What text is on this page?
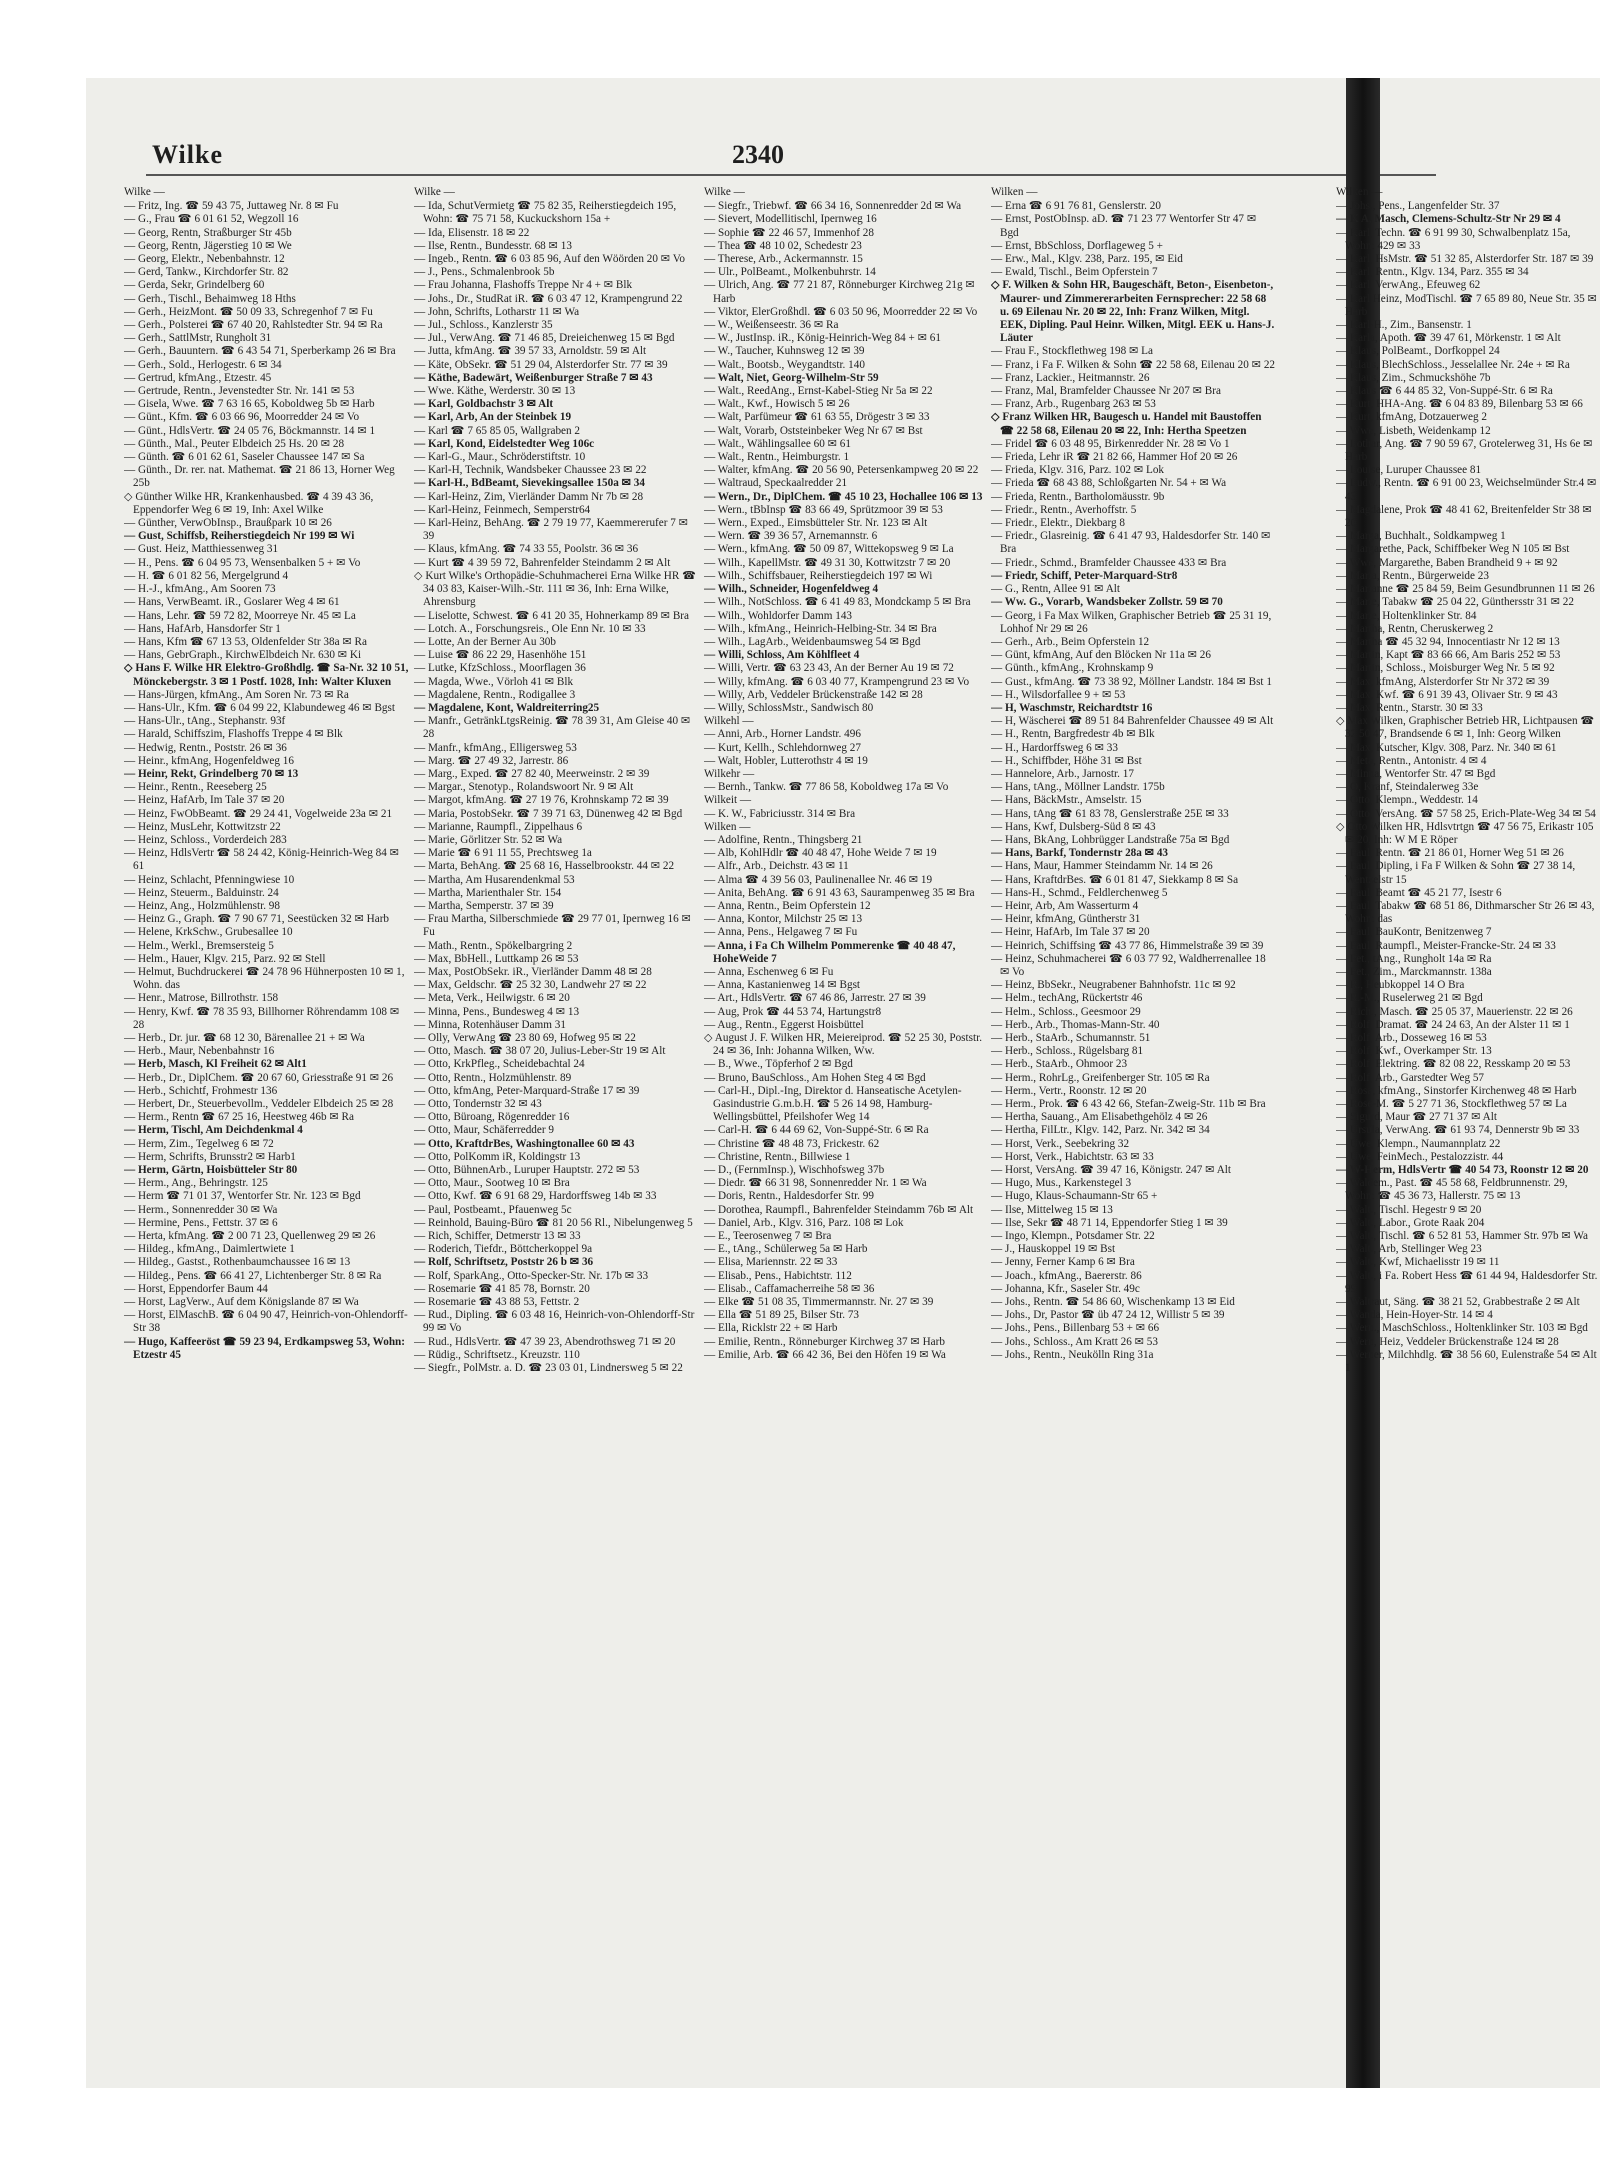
Wilke	2340
Wilke —

— Fritz, Ing. ☎ 59 43 75, Juttaweg Nr. 8 ✉ Fu

— G., Frau ☎ 6 01 61 52, Wegzoll 16

— Georg, Rentn, Straßburger Str 45b

— Georg, Rentn, Jägerstieg 10 ✉ We

— Georg, Elektr., Nebenbahnstr. 12

— Gerd, Tankw., Kirchdorfer Str. 82

— Gerda, Sekr, Grindelberg 60

— Gerh., Tischl., Behaimweg 18 Hths

— Gerh., HeizMont. ☎ 50 09 33, Schregenhof 7 ✉ Fu

— Gerh., Polsterei ☎ 67 40 20, Rahlstedter Str. 94 ✉ Ra

— Gerh., SattlMstr, Rungholt 31

— Gerh., Bauuntern. ☎ 6 43 54 71, Sperberkamp 26 ✉ Bra

— Gerh., Sold., Herlogestr. 6 ✉ 34

— Gertrud, kfmAng., Etzestr. 45

— Gertrude, Rentn., Jevenstedter Str. Nr. 141 ✉ 53

— Gisela, Wwe. ☎ 7 63 16 65, Koboldweg 5b ✉ Harb

— Günt., Kfm. ☎ 6 03 66 96, Moorredder 24 ✉ Vo

— Günt., HdlsVertr. ☎ 24 05 76, Böckmannstr. 14 ✉ 1

— Günth., Mal., Peuter Elbdeich 25 Hs. 20 ✉ 28

— Günth. ☎ 6 01 62 61, Saseler Chaussee 147 ✉ Sa

— Günth., Dr. rer. nat. Mathemat. ☎ 21 86 13, Horner Weg 25b

◇ Günther Wilke HR, Krankenhausbed. ☎ 4 39 43 36, Eppendorfer Weg 6 ✉ 19, Inh: Axel Wilke

— Günther, VerwObInsp., Braußpark 10 ✉ 26

— Gust, Schiffsb, Reiherstiegdeich Nr 199 ✉ Wi

— Gust. Heiz, Matthiessenweg 31

— H., Pens. ☎ 6 04 95 73, Wensenbalken 5 + ✉ Vo

— H. ☎ 6 01 82 56, Mergelgrund 4

— H.-J., kfmAng., Am Sooren 73

— Hans, VerwBeamt. iR., Goslarer Weg 4 ✉ 61

— Hans, Lehr. ☎ 59 72 82, Moorreye Nr. 45 ✉ La

— Hans, HafArb, Hansdorfer Str 1

— Hans, Kfm ☎ 67 13 53, Oldenfelder Str 38a ✉ Ra

— Hans, GebrGraph., KirchwElbdeich Nr. 630 ✉ Ki

◇ Hans F. Wilke HR Elektro-Großhdlg. ☎ Sa-Nr. 32 10 51, Mönckebergstr. 3 ✉ 1 Postf. 1028, Inh: Walter Kluxen

— Hans-Jürgen, kfmAng., Am Soren Nr. 73 ✉ Ra

— Hans-Ulr., Kfm. ☎ 6 04 99 22, Klabundeweg 46 ✉ Bgst

— Hans-Ulr., tAng., Stephanstr. 93f

— Harald, Schiffszim, Flashoffs Treppe 4 ✉ Blk

— Hedwig, Rentn., Poststr. 26 ✉ 36

— Heinr., kfmAng, Hogenfeldweg 16

— Heinr, Rekt, Grindelberg 70 ✉ 13

— Heinr., Rentn., Reeseberg 25

— Heinz, HafArb, Im Tale 37 ✉ 20

— Heinz, FwObBeamt. ☎ 29 24 41, Vogelweide 23a ✉ 21

— Heinz, MusLehr, Kottwitzstr 22

— Heinz, Schloss., Vorderdeich 283

— Heinz, HdlsVertr ☎ 58 24 42, König-Heinrich-Weg 84 ✉ 61

— Heinz, Schlacht, Pfenningwiese 10

— Heinz, Steuerm., Balduinstr. 24

— Heinz, Ang., Holzmühlenstr. 98

— Heinz G., Graph. ☎ 7 90 67 71, Seestücken 32 ✉ Harb

— Helene, KrkSchw., Grubesallee 10

— Helm., Werkl., Bremsersteig 5

— Helm., Hauer, Klgv. 215, Parz. 92 ✉ Stell

— Helmut, Buchdruckerei ☎ 24 78 96 Hühnerposten 10 ✉ 1, Wohn. das

— Henr., Matrose, Billrothstr. 158

— Henry, Kwf. ☎ 78 35 93, Billhorner Röhrendamm 108 ✉ 28

— Herb., Dr. jur. ☎ 68 12 30, Bärenallee 21 + ✉ Wa

— Herb., Maur, Nebenbahnstr 16

— Herb, Masch, Kl Freiheit 62 ✉ Alt1

— Herb., Dr., DiplChem. ☎ 20 67 60, Griesstraße 91 ✉ 26

— Herb., Schichtf, Frohmestr 136

— Herbert, Dr., Steuerbevollm., Veddeler Elbdeich 25 ✉ 28

— Herm., Rentn ☎ 67 25 16, Heestweg 46b ✉ Ra

— Herm, Tischl, Am Deichdenkmal 4

— Herm, Zim., Tegelweg 6 ✉ 72

— Herm, Schrifts, Brunsstr2 ✉ Harb1

— Herm, Gärtn, Hoisbütteler Str 80

— Herm., Ang., Behringstr. 125

— Herm ☎ 71 01 37, Wentorfer Str. Nr. 123 ✉ Bgd

— Herm., Sonnenredder 30 ✉ Wa

— Hermine, Pens., Fettstr. 37 ✉ 6

— Herta, kfmAng. ☎ 2 00 71 23, Quellenweg 29 ✉ 26

— Hildeg., kfmAng., Daimlertwiete 1

— Hildeg., Gastst., Rothenbaumchaussee 16 ✉ 13

— Hildeg., Pens. ☎ 66 41 27, Lichtenberger Str. 8 ✉ Ra

— Horst, Eppendorfer Baum 44

— Horst, LagVerw., Auf dem Königslande 87 ✉ Wa

— Horst, ElMaschB. ☎ 6 04 90 47, Heinrich-von-Ohlendorff-Str 38

— Hugo, Kaffeeröst ☎ 59 23 94, Erdkampsweg 53, Wohn: Etzestr 45

Wilke —

— Ida, SchutVermietg ☎ 75 82 35, Reiherstiegdeich 195, Wohn: ☎ 75 71 58, Kuckuckshorn 15a +

— Ida, Elisenstr. 18 ✉ 22

— Ilse, Rentn., Bundesstr. 68 ✉ 13

— Ingeb., Rentn. ☎ 6 03 85 96, Auf den Wöörden 20 ✉ Vo

— J., Pens., Schmalenbrook 5b

— Frau Johanna, Flashoffs Treppe Nr 4 + ✉ Blk

— Johs., Dr., StudRat iR. ☎ 6 03 47 12, Krampengrund 22

— John, Schrifts, Lotharstr 11 ✉ Wa

— Jul., Schloss., Kanzlerstr 35

— Jul., VerwAng. ☎ 71 46 85, Dreieichenweg 15 ✉ Bgd

— Jutta, kfmAng. ☎ 39 57 33, Arnoldstr. 59 ✉ Alt

— Käte, ObSekr. ☎ 51 29 04, Alsterdorfer Str. 77 ✉ 39

— Käthe, Badewärt, Weißenburger Straße 7 ✉ 43

— Wwe. Käthe, Werderstr. 30 ✉ 13

— Karl, Goldbachstr 3 ✉ Alt

— Karl, Arb, An der Steinbek 19

— Karl ☎ 7 65 85 05, Wallgraben 2

— Karl, Kond, Eidelstedter Weg 106c

— Karl-G., Maur., Schröderstiftstr. 10

— Karl-H, Technik, Wandsbeker Chaussee 23 ✉ 22

— Karl-H., BdBeamt, Sievekingsallee 150a ✉ 34

— Karl-Heinz, Zim, Vierländer Damm Nr 7b ✉ 28

— Karl-Heinz, Feinmech, Semperstr64

— Karl-Heinz, BehAng. ☎ 2 79 19 77, Kaemmererufer 7 ✉ 39

— Klaus, kfmAng. ☎ 74 33 55, Poolstr. 36 ✉ 36

— Kurt ☎ 4 39 59 72, Bahrenfelder Steindamm 2 ✉ Alt

◇ Kurt Wilke's Orthopädie-Schuhmacherei Erna Wilke HR ☎ 34 03 83, Kaiser-Wilh.-Str. 111 ✉ 36, Inh: Erna Wilke, Ahrensburg

— Liselotte, Schwest. ☎ 6 41 20 35, Hohnerkamp 89 ✉ Bra

— Lotch. A., Forschungsreis., Ole Enn Nr. 10 ✉ 33

— Lotte, An der Berner Au 30b

— Luise ☎ 86 22 29, Hasenhöhe 151

— Lutke, KfzSchloss., Moorflagen 36

— Magda, Wwe., Vörloh 41 ✉ Blk

— Magdalene, Rentn., Rodigallee 3

— Magdalene, Kont, Waldreiterring25

— Manfr., GetränkLtgsReinig. ☎ 78 39 31, Am Gleise 40 ✉ 28

— Manfr., kfmAng., Elligersweg 53

— Marg. ☎ 27 49 32, Jarrestr. 86

— Marg., Exped. ☎ 27 82 40, Meerweinstr. 2 ✉ 39

— Margar., Stenotyp., Rolandswoort Nr. 9 ✉ Alt

— Margot, kfmAng. ☎ 27 19 76, Krohnskamp 72 ✉ 39

— Maria, PostobSekr. ☎ 7 39 71 63, Dünenweg 42 ✉ Bgd

— Marianne, Raumpfl., Zippelhaus 6

— Marie, Görlitzer Str. 52 ✉ Wa

— Marie ☎ 6 91 11 55, Prechtsweg 1a

— Marta, BehAng. ☎ 25 68 16, Hasselbrookstr. 44 ✉ 22

— Martha, Am Husarendenkmal 53

— Martha, Marienthaler Str. 154

— Martha, Semperstr. 37 ✉ 39

— Frau Martha, Silberschmiede ☎ 29 77 01, Ipernweg 16 ✉ Fu

— Math., Rentn., Spökelbargring 2

— Max, BbHell., Luttkamp 26 ✉ 53

— Max, PostObSekr. iR., Vierländer Damm 48 ✉ 28

— Max, Geldschr. ☎ 25 32 30, Landwehr 27 ✉ 22

— Meta, Verk., Heilwigstr. 6 ✉ 20

— Minna, Pens., Bundesweg 4 ✉ 13

— Minna, Rotenhäuser Damm 31

— Olly, VerwAng ☎ 23 80 69, Hofweg 95 ✉ 22

— Otto, Masch. ☎ 38 07 20, Julius-Leber-Str 19 ✉ Alt

— Otto, KrkPfleg., Scheidebachtal 24

— Otto, Rentn., Holzmühlenstr. 89

— Otto, kfmAng, Peter-Marquard-Straße 17 ✉ 39

— Otto, Tondernstr 32 ✉ 43

— Otto, Büroang, Rögenredder 16

— Otto, Maur, Schäferredder 9

— Otto, KraftdrBes, Washingtonallee 60 ✉ 43

— Otto, PolKomm iR, Koldingstr 13

— Otto, BühnenArb., Luruper Hauptstr. 272 ✉ 53

— Otto, Maur., Sootweg 10 ✉ Bra

— Otto, Kwf. ☎ 6 91 68 29, Hardorffsweg 14b ✉ 33

— Paul, Postbeamt., Pfauenweg 5c

— Reinhold, Bauing-Büro ☎ 81 20 56 Rl., Nibelungenweg 5

— Rich, Schiffer, Detmerstr 13 ✉ 33

— Roderich, Tiefdr., Böttcherkoppel 9a

— Rolf, Schriftsetz, Poststr 26 b ✉ 36

— Rolf, SparkAng., Otto-Specker-Str. Nr. 17b ✉ 33

— Rosemarie ☎ 41 85 78, Bornstr. 20

— Rosemarie ☎ 43 88 53, Fettstr. 2

— Rud., Dipling. ☎ 6 03 48 16, Heinrich-von-Ohlendorff-Str 99 ✉ Vo

— Rud., HdlsVertr. ☎ 47 39 23, Abendrothsweg 71 ✉ 20

— Rüdig., Schriftsetz., Kreuzstr. 110

— Siegfr., PolMstr. a. D. ☎ 23 03 01, Lindnersweg 5 ✉ 22

Wilke —

— Siegfr., Triebwf. ☎ 66 34 16, Sonnenredder 2d ✉ Wa

— Sievert, Modellitischl, Ipernweg 16

— Sophie ☎ 22 46 57, Immenhof 28

— Thea ☎ 48 10 02, Schedestr 23

— Therese, Arb., Ackermannstr. 15

— Ulr., PolBeamt., Molkenbuhrstr. 14

— Ulrich, Ang. ☎ 77 21 87, Rönneburger Kirchweg 21g ✉ Harb

— Viktor, ElerGroßhdl. ☎ 6 03 50 96, Moorredder 22 ✉ Vo

— W., Weißenseestr. 36 ✉ Ra

— W., JustInsp. iR., König-Heinrich-Weg 84 + ✉ 61

— W., Taucher, Kuhnsweg 12 ✉ 39

— Walt., Bootsb., Weygandtstr. 140

— Walt, Niet, Georg-Wilhelm-Str 59

— Walt., ReedAng., Ernst-Kabel-Stieg Nr 5a ✉ 22

— Walt., Kwf., Howisch 5 ✉ 26

— Walt, Parfümeur ☎ 61 63 55, Drögestr 3 ✉ 33

— Walt, Vorarb, Oststeinbeker Weg Nr 67 ✉ Bst

— Walt., Wählingsallee 60 ✉ 61

— Walt., Rentn., Heimburgstr. 1

— Walter, kfmAng. ☎ 20 56 90, Petersenkampweg 20 ✉ 22

— Waltraud, Speckaalredder 21

— Wern., Dr., DiplChem. ☎ 45 10 23, Hochallee 106 ✉ 13

— Wern., tBbInsp ☎ 83 66 49, Sprützmoor 39 ✉ 53

— Wern., Exped., Eimsbütteler Str. Nr. 123 ✉ Alt

— Wern. ☎ 39 36 57, Arnemannstr. 6

— Wern., kfmAng. ☎ 50 09 87, Wittekopsweg 9 ✉ La

— Wilh., KapellMstr. ☎ 49 31 30, Kottwitzstr 7 ✉ 20

— Wilh., Schiffsbauer, Reiherstiegdeich 197 ✉ Wi

— Wilh., Schneider, Hogenfeldweg 4

— Wilh., NotSchloss. ☎ 6 41 49 83, Mondckamp 5 ✉ Bra

— Wilh., Wohldorfer Damm 143

— Wilh., kfmAng., Heinrich-Helbing-Str. 34 ✉ Bra

— Wilh., LagArb., Weidenbaumsweg 54 ✉ Bgd

— Willi, Schloss, Am Köhlfleet 4

— Willi, Vertr. ☎ 63 23 43, An der Berner Au 19 ✉ 72

— Willy, kfmAng. ☎ 6 03 40 77, Krampengrund 23 ✉ Vo

— Willy, Arb, Veddeler Brückenstraße 142 ✉ 28

— Willy, SchlossMstr., Sandwisch 80

Wilkehl —

— Anni, Arb., Horner Landstr. 496

— Kurt, Kellh., Schlehdornweg 27

— Walt, Hobler, Lutterothstr 4 ✉ 19

Wilkehr —

— Bernh., Tankw. ☎ 77 86 58, Koboldweg 17a ✉ Vo

Wilkeit —

— K. W., Fabriciusstr. 314 ✉ Bra

Wilken —

— Adolfine, Rentn., Thingsberg 21

— Alb, KohlHdlr ☎ 40 48 47, Hohe Weide 7 ✉ 19

— Alfr., Arb., Deichstr. 43 ✉ 11

— Alma ☎ 4 39 56 03, Paulinenallee Nr. 46 ✉ 19

— Anita, BehAng. ☎ 6 91 43 63, Saurampenweg 35 ✉ Bra

— Anna, Rentn., Beim Opferstein 12

— Anna, Kontor, Milchstr 25 ✉ 13

— Anna, Pens., Helgaweg 7 ✉ Fu

— Anna, i Fa Ch Wilhelm Pommerenke ☎ 40 48 47, HoheWeide 7

— Anna, Eschenweg 6 ✉ Fu

— Anna, Kastanienweg 14 ✉ Bgst

— Art., HdlsVertr. ☎ 67 46 86, Jarrestr. 27 ✉ 39

— Aug, Prok ☎ 44 53 74, Hartungstr8

— Aug., Rentn., Eggerst Hoisbüttel

◇ August J. F. Wilken HR, Meiereiprod. ☎ 52 25 30, Poststr. 24 ✉ 36, Inh: Johanna Wilken, Ww.

— B., Wwe., Töpferhof 2 ✉ Bgd

— Bruno, BauSchloss., Am Hohen Steg 4 ✉ Bgd

— Carl-H., Dipl.-Ing, Direktor d. Hanseatische Acetylen-Gasindustrie G.m.b.H. ☎ 5 26 14 98, Hamburg-Wellingsbüttel, Pfeilshofer Weg 14

— Carl-H. ☎ 6 44 69 62, Von-Suppé-Str. 6 ✉ Ra

— Christine ☎ 48 48 73, Frickestr. 62

— Christine, Rentn., Billwiese 1

— D., (FernmInsp.), Wischhofsweg 37b

— Diedr. ☎ 66 31 98, Sonnenredder Nr. 1 ✉ Wa

— Doris, Rentn., Haldesdorfer Str. 99

— Dorothea, Raumpfl., Bahrenfelder Steindamm 76b ✉ Alt

— Daniel, Arb., Klgv. 316, Parz. 108 ✉ Lok

— E., Teerosenweg 7 ✉ Bra

— E., tAng., Schülerweg 5a ✉ Harb

— Elisa, Mariennstr. 22 ✉ 33

— Elisab., Pens., Habichtstr. 112

— Elisab., Caffamacherreihe 58 ✉ 36

— Elke ☎ 51 08 35, Timmermannstr. Nr. 27 ✉ 39

— Ella ☎ 51 89 25, Bilser Str. 73

— Ella, Ricklstr 22 + ✉ Harb

— Emilie, Rentn., Rönneburger Kirchweg 37 ✉ Harb

— Emilie, Arb. ☎ 66 42 36, Bei den Höfen 19 ✉ Wa

Wilken —

— Erna ☎ 6 91 76 81, Genslerstr. 20

— Ernst, PostObInsp. aD. ☎ 71 23 77 Wentorfer Str 47 ✉ Bgd

— Ernst, BbSchloss, Dorflageweg 5 +

— Erw., Mal., Klgv. 238, Parz. 195, ✉ Eid

— Ewald, Tischl., Beim Opferstein 7

◇ F. Wilken & Sohn HR, Baugeschäft, Beton-, Eisenbeton-, Maurer- und Zimmererarbeiten Fernsprecher: 22 58 68 u. 69 Eilenau Nr. 20 ✉ 22, Inh: Franz Wilken, Mitgl. EEK, Dipling. Paul Heinr. Wilken, Mitgl. EEK u. Hans-J. Läuter

— Frau F., Stockflethweg 198 ✉ La

— Franz, i Fa F. Wilken & Sohn ☎ 22 58 68, Eilenau 20 ✉ 22

— Franz, Lackier., Heitmannstr. 26

— Franz, Mal, Bramfelder Chaussee Nr 207 ✉ Bra

— Franz, Arb., Rugenbarg 263 ✉ 53

◇ Franz Wilken HR, Baugesch u. Handel mit Baustoffen ☎ 22 58 68, Eilenau 20 ✉ 22, Inh: Hertha Speetzen

— Fridel ☎ 6 03 48 95, Birkenredder Nr. 28 ✉ Vo 1

— Frieda, Lehr iR ☎ 21 82 66, Hammer Hof 20 ✉ 26

— Frieda, Klgv. 316, Parz. 102 ✉ Lok

— Frieda ☎ 68 43 88, Schloßgarten Nr. 54 + ✉ Wa

— Frieda, Rentn., Bartholomäusstr. 9b

— Friedr., Rentn., Averhoffstr. 5

— Friedr., Elektr., Diekbarg 8

— Friedr., Glasreinig. ☎ 6 41 47 93, Haldesdorfer Str. 140 ✉ Bra

— Friedr., Schmd., Bramfelder Chaussee 433 ✉ Bra

— Friedr, Schiff, Peter-Marquard-Str8

— G., Rentn, Allee 91 ✉ Alt

— Ww. G., Vorarb, Wandsbeker Zollstr. 59 ✉ 70

— Georg, i Fa Max Wilken, Graphischer Betrieb ☎ 25 31 19, Lohhof Nr 29 ✉ 26

— Gerh., Arb., Beim Opferstein 12

— Günt, kfmAng, Auf den Blöcken Nr 11a ✉ 26

— Günth., kfmAng., Krohnskamp 9

— Gust., kfmAng. ☎ 73 38 92, Möllner Landstr. 184 ✉ Bst 1

— H., Wilsdorfallee 9 + ✉ 53

— H, Waschmstr, Reichardtstr 16

— H, Wäscherei ☎ 89 51 84 Bahrenfelder Chaussee 49 ✉ Alt

— H., Rentn, Bargfredestr 4b ✉ Blk

— H., Hardorffsweg 6 ✉ 33

— H., Schiffbder, Höhe 31 ✉ Bst

— Hannelore, Arb., Jarnostr. 17

— Hans, tAng., Möllner Landstr. 175b

— Hans, BäckMstr., Amselstr. 15

— Hans, tAng ☎ 61 83 78, Genslerstraße 25E ✉ 33

— Hans, Kwf, Dulsberg-Süd 8 ✉ 43

— Hans, BkAng, Lohbrügger Landstraße 75a ✉ Bgd

— Hans, Barkf, Tondernstr 28a ✉ 43

— Hans, Maur, Hammer Steindamm Nr. 14 ✉ 26

— Hans, KraftdrBes. ☎ 6 01 81 47, Siekkamp 8 ✉ Sa

— Hans-H., Schmd., Feldlerchenweg 5

— Heinr, Arb, Am Wasserturm 4

— Heinr, kfmAng, Güntherstr 31

— Heinr, HafArb, Im Tale 37 ✉ 20

— Heinrich, Schiffsing ☎ 43 77 86, Himmelstraße 39 ✉ 39

— Heinz, Schuhmacherei ☎ 6 03 77 92, Waldherrenallee 18 ✉ Vo

— Heinz, BbSekr., Neugrabener Bahnhofstr. 11c ✉ 92

— Helm., techAng, Rückertstr 46

— Helm., Schloss., Geesmoor 29

— Herb., Arb., Thomas-Mann-Str. 40

— Herb., StaArb., Schumannstr. 51

— Herb., Schloss., Rügelsbarg 81

— Herb., StaArb., Ohmoor 23

— Herm., RohrLg., Greifenberger Str. 105 ✉ Ra

— Herm., Vertr., Roonstr. 12 ✉ 20

— Herm., Prok. ☎ 6 43 42 66, Stefan-Zweig-Str. 11b ✉ Bra

— Hertha, Sauang., Am Elisabethgehölz 4 ✉ 26

— Hertha, FilLtr., Klgv. 142, Parz. Nr. 342 ✉ 34

— Horst, Verk., Seebekring 32

— Horst, Verk., Habichtstr. 63 ✉ 33

— Horst, VersAng. ☎ 39 47 16, Königstr. 247 ✉ Alt

— Hugo, Mus., Karkenstegel 3

— Hugo, Klaus-Schaumann-Str 65 +

— Ilse, Mittelweg 15 ✉ 13

— Ilse, Sekr ☎ 48 71 14, Eppendorfer Stieg 1 ✉ 39

— Ingo, Klempn., Potsdamer Str. 22

— J., Hauskoppel 19 ✉ Bst

— Jenny, Ferner Kamp 6 ✉ Bra

— Joach., kfmAng., Baererstr. 86

— Johanna, Kfr., Saseler Str. 49c

— Johs., Rentn. ☎ 54 86 60, Wischenkamp 13 ✉ Eid

— Johs., Dr, Pastor ☎ üb 47 24 12, Willistr 5 ✉ 39

— Johs., Pens., Billenbarg 53 + ✉ 66

— Johs., Schloss., Am Kratt 26 ✉ 53

— Johs., Rentn., Neukölln Ring 31a

Wilken —

— Johs., Pens., Langenfelder Str. 37

— K A, Masch, Clemens-Schultz-Str Nr 29 ✉ 4

— Karl, Techn. ☎ 6 91 99 30, Schwalbenplatz 15a, Wohn: 429 ✉ 33

— Karl, HsMstr. ☎ 51 32 85, Alsterdorfer Str. 187 ✉ 39

— Karl, Rentn., Klgv. 134, Parz. 355 ✉ 34

— Karl, VerwAng., Efeuweg 62

— Karl Heinz, ModTischl. ☎ 7 65 89 80, Neue Str. 35 ✉ Harb

— Karl-H., Zim., Bansenstr. 1

— Karla, Apoth. ☎ 39 47 61, Mörkenstr. 1 ✉ Alt

— Klaus, PolBeamt., Dorfkoppel 24

— Klaus, BlechSchloss., Jesselallee Nr. 24e + ✉ Ra

— Klaus, Zim., Schmuckshöhe 7b

— Klaus ☎ 6 44 85 32, Von-Suppé-Str. 6 ✉ Ra

— Kurt, HHA-Ang. ☎ 6 04 83 89, Bilenbarg 53 ✉ 66

— Kurt, kfmAng, Dotzauerweg 2

— Wwe, Lisbeth, Weidenkamp 12

— Lothar, Ang. ☎ 7 90 59 67, Grotelerweg 31, Hs 6e ✉ Harb

— Louise, Luruper Chaussee 81

— Ludw., Rentn. ☎ 6 91 00 23, Weichselmünder Str.4 ✉ 43

— Magdalene, Prok ☎ 48 41 62, Breitenfelder Str 38 ✉ 20

— Marga, Buchhalt., Soldkampweg 1

— Margarethe, Pack, Schiffbeker Weg N 105 ✉ Bst

— Wwe, Margarethe, Baben Brandheid 9 + ✉ 92

— Maria, Rentn., Bürgerweide 23

— Marianne ☎ 25 84 59, Beim Gesundbrunnen 11 ✉ 26

— Marie, Tabakw ☎ 25 04 22, Günthersstr 31 ✉ 22

— Marie, Holtenklinker Str. 84

— Martha, Rentn, Cheruskerweg 2

— Martha ☎ 45 32 94, Innocentiastr Nr 12 ✉ 13

— Martin, Kapt ☎ 83 66 66, Am Baris 252 ✉ 53

— Martin, Schloss., Moisburger Weg Nr. 5 ✉ 92

— Max, kfmAng, Alsterdorfer Str Nr 372 ✉ 39

— Max, Kwf. ☎ 6 91 39 43, Olivaer Str. 9 ✉ 43

— Max, Rentn., Starstr. 30 ✉ 33

◇ Max Wilken, Graphischer Betrieb HR, Lichtpausen ☎ 32 50 47, Brandsende 6 ✉ 1, Inh: Georg Wilken

— Max, Kutscher, Klgv. 308, Parz. Nr. 340 ✉ 61

— Meta, Rentn., Antonistr. 4 ✉ 4

— Minna, Wentorfer Str. 47 ✉ Bgd

— O, Kranf, Steindalerweg 33e

— Otto, Klempn., Weddestr. 14

— Otto, VersAng. ☎ 57 58 25, Erich-Plate-Weg 34 ✉ 54

◇ Otto Wilken HR, Hdlsvtrtgn ☎ 47 56 75, Erikastr 105 ✉ 20, Inh: W M E Röper

— Paul, Rentn. ☎ 21 86 01, Horner Weg 51 ✉ 26

— Paul, Dipling, i Fa F Wilken & Sohn ☎ 27 38 14, Wentzelstr 15

— Paul, Beamt ☎ 45 21 77, Isestr 6

— Paul, Tabakw ☎ 68 51 86, Dithmarscher Str 26 ✉ 43, Wohn: das

— Paul, BauKontr, Benitzenweg 7

— Paul, Raumpfl., Meister-Francke-Str. 24 ✉ 33

— Pet., tAng., Rungholt 14a ✉ Ra

— Pet., Zim., Marckmannstr. 138a

— R., Heubkoppel 14 O Bra

— R.-M., Ruselerweg 21 ✉ Bgd

— Rich., Masch. ☎ 25 05 37, Mauerienstr. 22 ✉ 26

— Rolf, Dramat. ☎ 24 24 63, An der Alster 11 ✉ 1

— Rolf, Arb., Dosseweg 16 ✉ 53

— Rolf, Kwf., Overkamper Str. 13

— Rolf, Elektring. ☎ 82 08 22, Resskamp 20 ✉ 53

— Rolf, Arb., Garstedter Weg 57

— Rosa, kfmAng., Sinstorfer Kirchenweg 48 ✉ Harb

— Rose-M. ☎ 5 27 71 36, Stockflethweg 57 ✉ La

— Sigurd, Maur ☎ 27 71 37 ✉ Alt

— Ursula, VerwAng. ☎ 61 93 74, Dennerstr 9b ✉ 33

— Uwe, Klempn., Naumannplatz 22

— Uwe, FeinMech., Pestalozzistr. 44

— W-Herm, HdlsVertr ☎ 40 54 73, Roonstr 12 ✉ 20

— Waldem., Past. ☎ 45 58 68, Feldbrunnenstr. 29, Wohn: ☎ 45 36 73, Hallerstr. 75 ✉ 13

— Walt., Tischl. Hegestr 9 ✉ 20

— Walt., Labor., Grote Raak 204

— Walt., Tischl. ☎ 6 52 81 53, Hammer Str. 97b ✉ Wa

— Walt., Arb, Stellinger Weg 23

— Walt., Kwf, Michaelisstr 19 ✉ 11

— Walt., i Fa. Robert Hess ☎ 61 44 94, Haldesdorfer Str. 99

— Waltraut, Säng. ☎ 38 21 52, Grabbestraße 2 ✉ Alt

— Wanda, Hein-Hoyer-Str. 14 ✉ 4

— Wern., MaschSchloss., Holtenklinker Str. 103 ✉ Bgd

— Wern, Heiz, Veddeler Brückenstraße 124 ✉ 28

— Werner, Milchhdlg. ☎ 38 56 60, Eulenstraße 54 ✉ Alt 1
